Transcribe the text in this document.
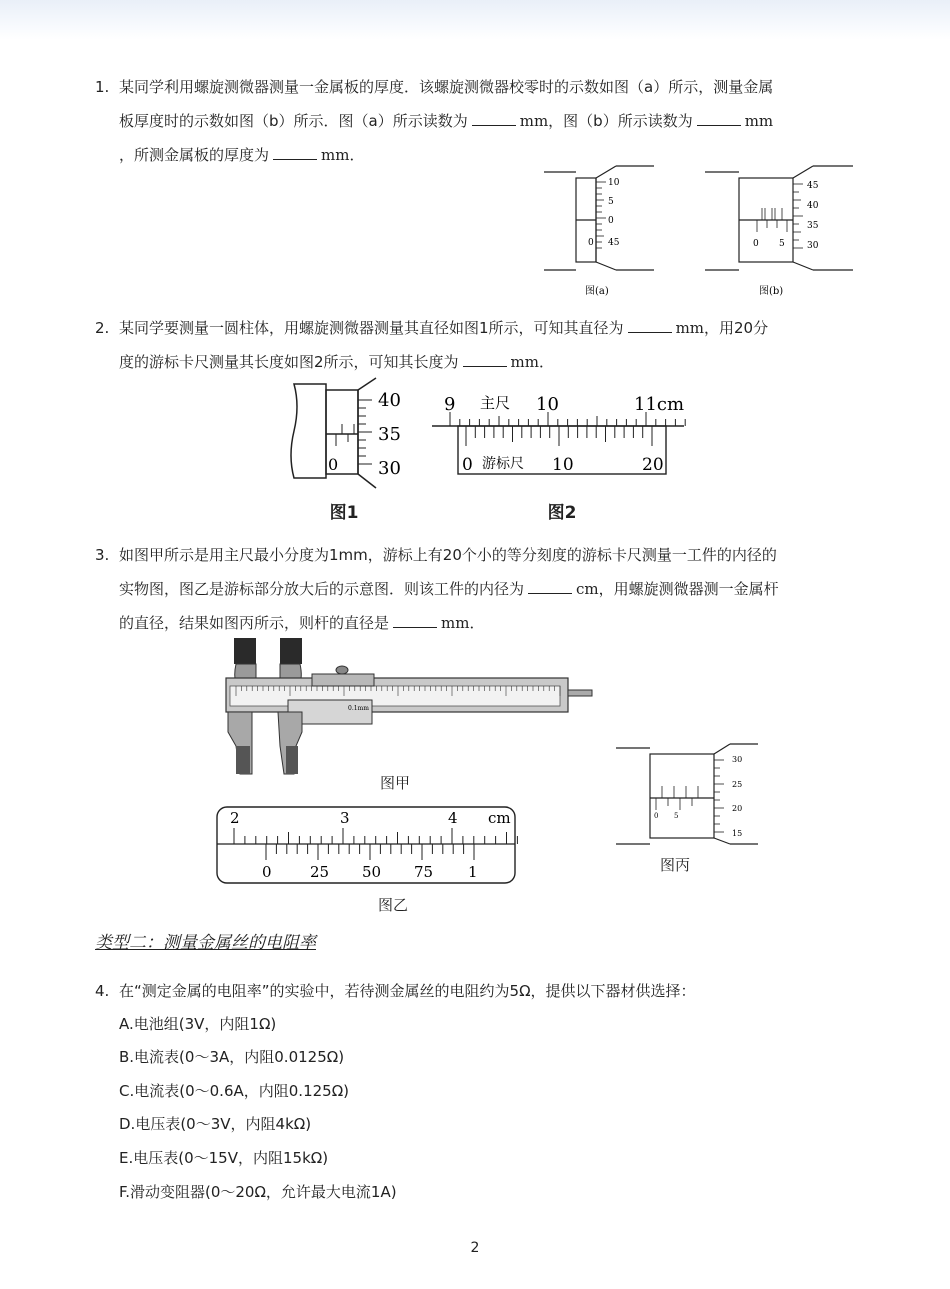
1. 某同学利用螺旋测微器测量一金属板的厚度．该螺旋测微器校零时的示数如图（a）所示，测量金属
板厚度时的示数如图（b）所示．图（a）所示读数为	mm，图（b）所示读数为	mm
，所测金属板的厚度为	mm．
10
5
0
45
0
图(a)
45
40
35
30
0 5
图(b)
2. 某同学要测量一圆柱体，用螺旋测微器测量其直径如图1所示，可知其直径为	mm，用20分
度的游标卡尺测量其长度如图2所示，可知其长度为	mm．
40
35
30
0
图1
9	10	11cm
主尺
0 游标尺 10	20
图2
3. 如图甲所示是用主尺最小分度为1mm，游标上有20个小的等分刻度的游标卡尺测量一工件的内径的
实物图，图乙是游标部分放大后的示意图．则该工件的内径为	cm，用螺旋测微器测一金属杆
的直径，结果如图丙所示，则杆的直径是	mm．
0.1mm
图甲
2	3	4 cm
0	25 50 75 1
图乙
30
25
20
15
0 5
图丙
类型二：测量金属丝的电阻率
4. 在“测定金属的电阻率”的实验中，若待测金属丝的电阻约为5Ω，提供以下器材供选择：
A.电池组(3V，内阻1Ω)
B.电流表(0～3A，内阻0.0125Ω)
C.电流表(0～0.6A，内阻0.125Ω)
D.电压表(0～3V，内阻4kΩ)
E.电压表(0～15V，内阻15kΩ)
F.滑动变阻器(0～20Ω，允许最大电流1A)
2
